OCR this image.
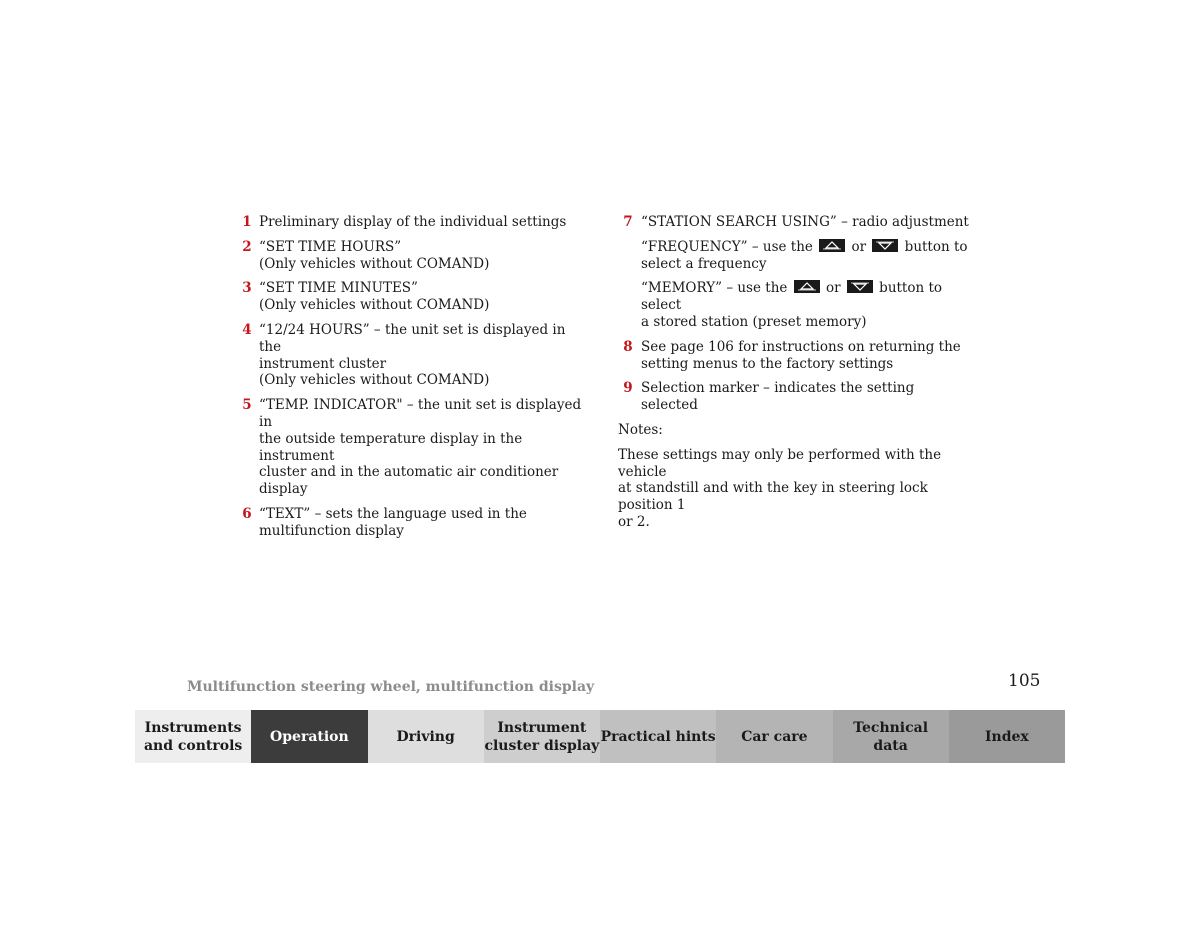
1 Preliminary display of the individual settings
2 “SET TIME HOURS”
(Only vehicles without COMAND)
3 “SET TIME MINUTES”
(Only vehicles without COMAND)
4 “12/24 HOURS” – the unit set is displayed in the
instrument cluster
(Only vehicles without COMAND)
5 “TEMP. INDICATOR" – the unit set is displayed in
the outside temperature display in the instrument
cluster and in the automatic air conditioner display
6 “TEXT” – sets the language used in the
multifunction display
7 “STATION SEARCH USING” – radio adjustment
“FREQUENCY” – use the	or	button to
select a frequency
“MEMORY” – use the	or	button to select
a stored station (preset memory)
8 See page 106 for instructions on returning the
setting menus to the factory settings
9 Selection marker – indicates the setting selected
Notes:
These settings may only be performed with the vehicle
at standstill and with the key in steering lock position 1
or 2.
Multifunction steering wheel, multifunction display	105
Instruments
and controls
Operation	Driving
Instrument
cluster display
Practical hints Car care
Technical
data
Index
